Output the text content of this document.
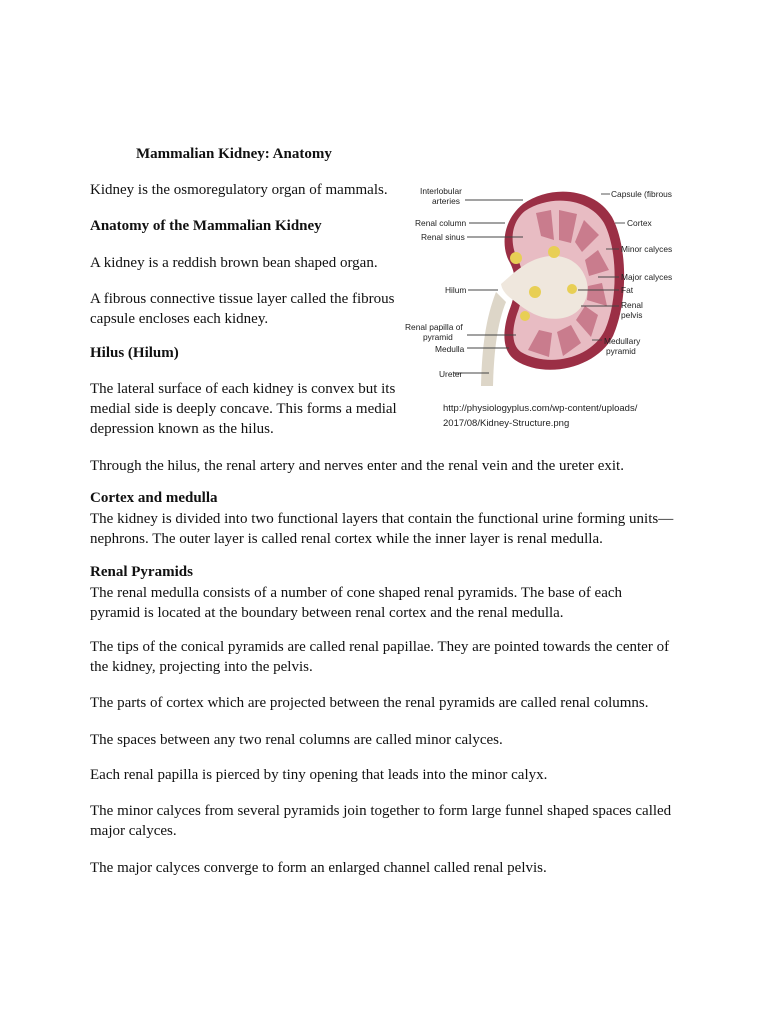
Mammalian Kidney: Anatomy
Kidney is the osmoregulatory organ of mammals.
Anatomy of the Mammalian Kidney
A kidney is a reddish brown bean shaped organ.
A fibrous connective tissue layer called the fibrous
capsule encloses each kidney.
Hilus (Hilum)
The lateral surface of each kidney is convex but its
medial side is deeply concave. This forms a medial
depression known as the hilus.
Through the hilus, the renal artery and nerves enter and the renal vein and the ureter exit.
Cortex and medulla
The kidney is divided into two functional layers that contain the functional urine forming units—
nephrons. The outer layer is called renal cortex while the inner layer is renal medulla.
Renal Pyramids
The renal medulla consists of a number of cone shaped renal pyramids. The base of each
pyramid is located at the boundary between renal cortex and the renal medulla.
The tips of the conical pyramids are called renal papillae. They are pointed towards the center of
the kidney, projecting into the pelvis.
The parts of cortex which are projected between the renal pyramids are called renal columns.
The spaces between any two renal columns are called minor calyces.
Each renal papilla is pierced by tiny opening that leads into the minor calyx.
The minor calyces from several pyramids join together to form large funnel shaped spaces called
major calyces.
The major calyces converge to form an enlarged channel called renal pelvis.
Interlobular
arteries
Renal column
Renal sinus
Hilum
Renal papilla of
pyramid
Medulla
Ureter
Capsule (fibrous
Cortex
Minor calyces
Major calyces
Fat
Renal
pelvis
Medullary
pyramid
http://physiologyplus.com/wp-content/uploads/
2017/08/Kidney-Structure.png
